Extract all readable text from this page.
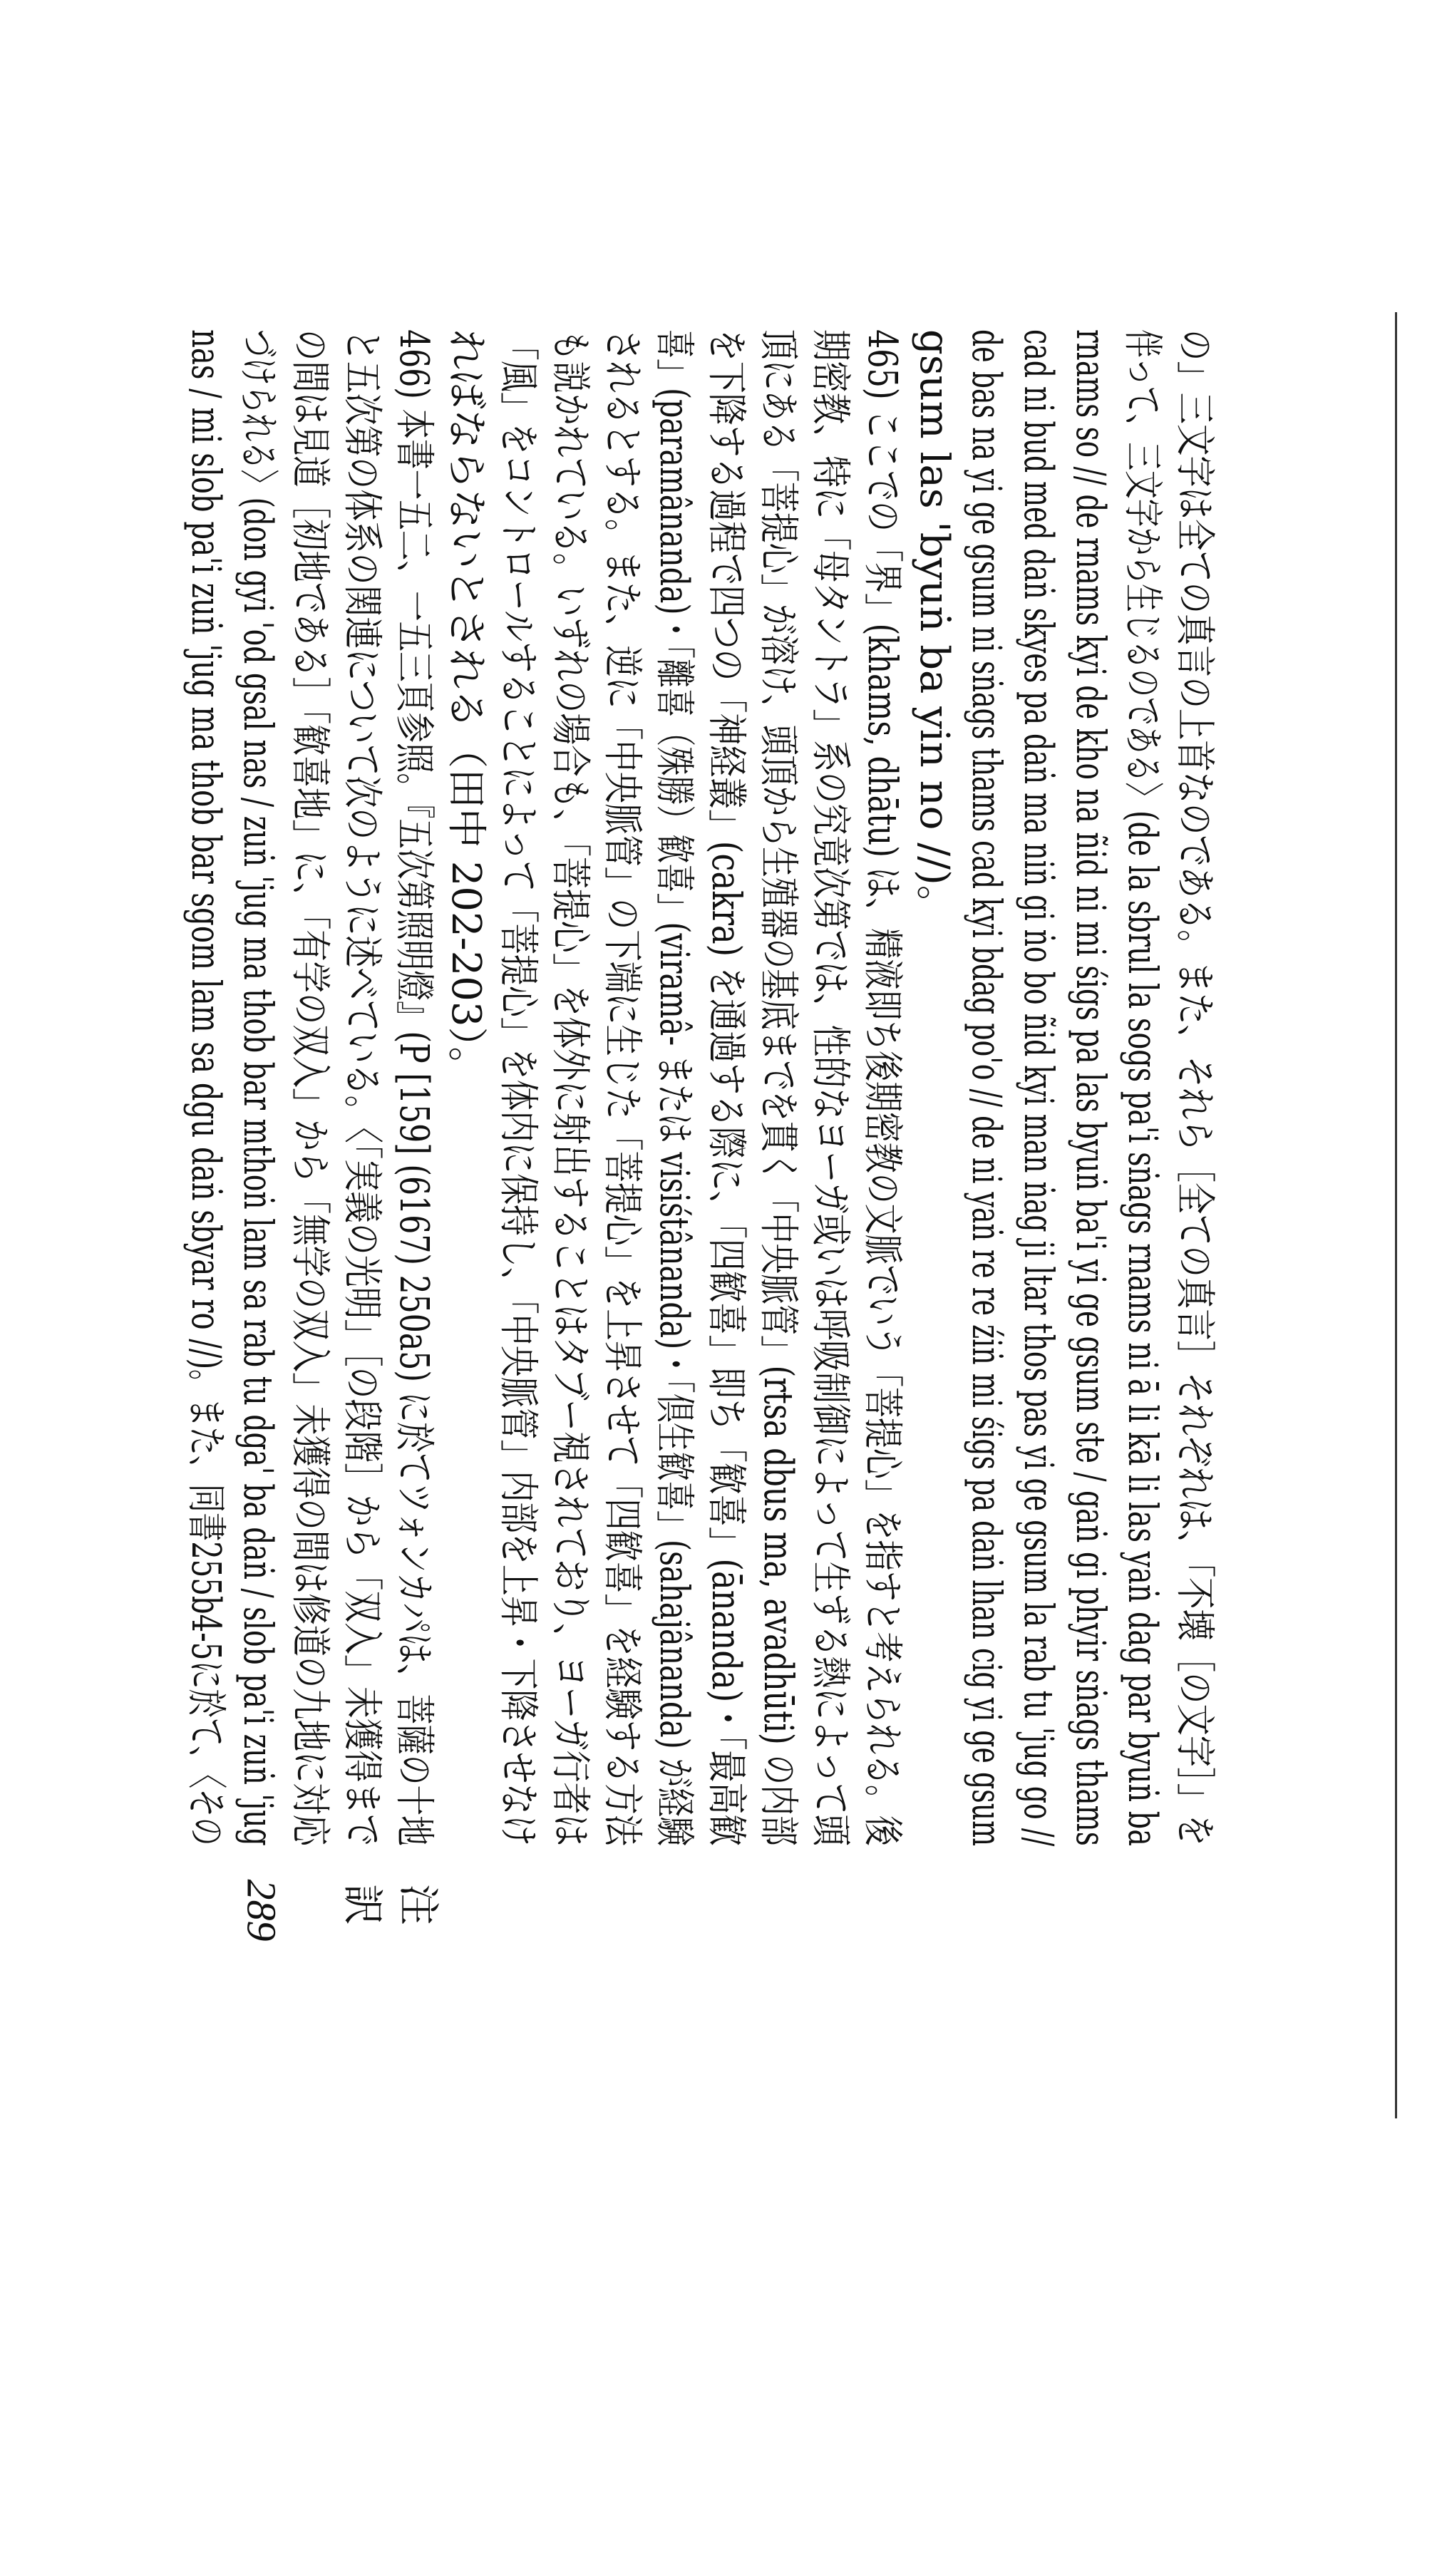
の」三文字は全ての真言の上首なのである。また、それら［全ての真言］それぞれは、「不壊［の文字］」を
伴って、三文字から生じるのである〉(de la sbrul la sogs pa'i sṅags rnams ni ā li kā li las yaṅ dag par byuṅ ba
rnams so // de rnams kyi de kho na ñid ni mi śigs pa las byuṅ ba'i yi ge gsum ste / gaṅ gi phyir sṅags thams
cad ni bud med daṅ skyes pa daṅ ma niṅ gi ṅo bo ñid kyi man ṅag ji ltar thos pas yi ge gsum la rab tu 'jug go //
de bas na yi ge gsum ni sṅags thams cad kyi bdag po'o // de ni yaṅ re re źiṅ mi śigs pa daṅ lhan cig yi ge gsum
gsum las 'byuṅ ba yin no //)。
465) ここでの「界」(khams, dhātu) は、精液即ち後期密教の文脈でいう「菩提心」を指すと考えられる。後
期密教、特に「母タントラ」系の究竟次第では、性的なヨーガ或いは呼吸制御によって生ずる熱によって頭
頂にある「菩提心」が溶け、頭頂から生殖器の基底までを貫く「中央脈管」(rtsa dbus ma, avadhūti) の内部
を下降する過程で四つの「神経叢」(cakra) を通過する際に、「四歓喜」即ち「歓喜」(ānanda)・「最高歓
喜」(paramânanda)・「離喜（殊勝）歓喜」(viramâ- または visiśtânanda)・「倶生歓喜」(sahajânanda) が経験
されるとする。また、逆に「中央脈管」の下端に生じた「菩提心」を上昇させて「四歓喜」を経験する方法
も説かれている。いずれの場合も、「菩提心」を体外に射出することはタブー視されており、ヨーガ行者は
「風」をコントロールすることによって「菩提心」を体内に保持し、「中央脈管」内部を上昇・下降させなけ
ればならないとされる（田中 202-203）。
466) 本書一五二、一五三頁参照。『五次第照明燈』(P [159] (6167) 250a5) に於てツォンカパは、菩薩の十地
と五次第の体系の関連について次のように述べている。〈「実義の光明」［の段階］から「双入」未獲得まで
の間は見道［初地である］「歓喜地」に、「有学の双入」から「無学の双入」未獲得の間は修道の九地に対応
づけられる〉(don gyi 'od gsal nas / zuṅ 'jug ma thob bar mthoṅ lam sa rab tu dga' ba daṅ / slob pa'i zuṅ 'jug
nas / mi slob pa'i zuṅ 'jug ma thob bar sgom lam sa dgu daṅ sbyar ro //)。また、同書255b4-5に於て、〈その
289 訳 注
